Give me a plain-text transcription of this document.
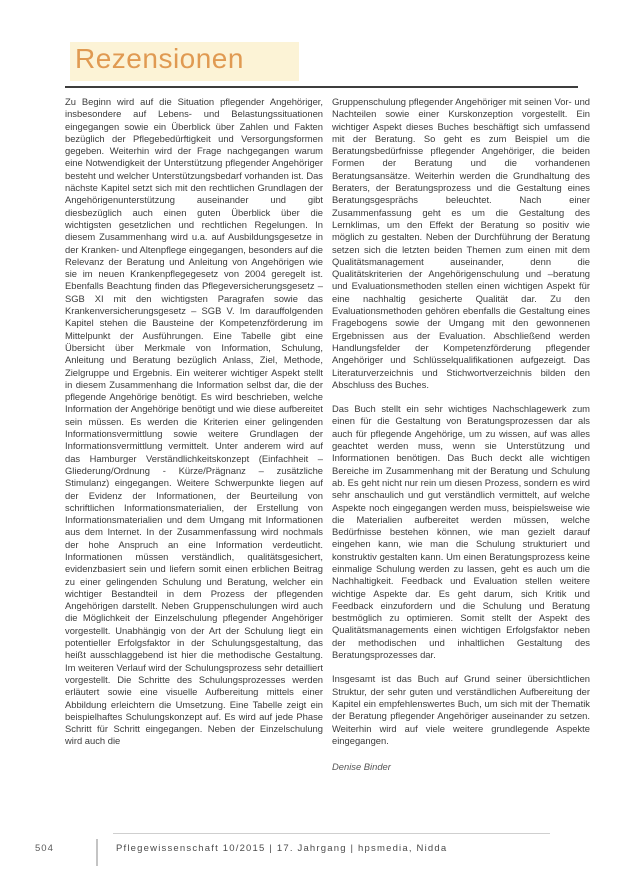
Rezensionen

Zu Beginn wird auf die Situation pflegender Angehöriger, insbesondere auf Lebens- und Belastungssituationen eingegangen sowie ein Überblick über Zahlen und Fakten bezüglich der Pflegebedürftigkeit und Versorgungsformen gegeben. Weiterhin wird der Frage nachgegangen warum eine Notwendigkeit der Unterstützung pflegender Angehöriger besteht und welcher Unterstützungsbedarf vorhanden ist. Das nächste Kapitel setzt sich mit den rechtlichen Grundlagen der Angehörigenunterstützung auseinander und gibt diesbezüglich auch einen guten Überblick über die wichtigsten gesetzlichen und rechtlichen Regelungen. In diesem Zusammenhang wird u.a. auf Ausbildungsgesetze in der Kranken- und Altenpflege eingegangen, besonders auf die Relevanz der Beratung und Anleitung von Angehörigen wie sie im neuen Krankenpflegegesetz von 2004 geregelt ist. Ebenfalls Beachtung finden das Pflegeversicherungsgesetz – SGB XI mit den wichtigsten Paragrafen sowie das Krankenversicherungsgesetz – SGB V. Im darauffolgenden Kapitel stehen die Bausteine der Kompetenzförderung im Mittelpunkt der Ausführungen. Eine Tabelle gibt eine Übersicht über Merkmale von Information, Schulung, Anleitung und Beratung bezüglich Anlass, Ziel, Methode, Zielgruppe und Ergebnis. Ein weiterer wichtiger Aspekt stellt in diesem Zusammenhang die Information selbst dar, die der pflegende Angehörige benötigt. Es wird beschrieben, welche Information der Angehörige benötigt und wie diese aufbereitet sein müssen. Es werden die Kriterien einer gelingenden Informationsvermittlung sowie weitere Grundlagen der Informationsvermittlung vermittelt. Unter anderem wird auf das Hamburger Verständlichkeitskonzept (Einfachheit – Gliederung/Ordnung - Kürze/Prägnanz – zusätzliche Stimulanz) eingegangen. Weitere Schwerpunkte liegen auf der Evidenz der Informationen, der Beurteilung von schriftlichen Informationsmaterialien, der Erstellung von Informationsmaterialien und dem Umgang mit Informationen aus dem Internet. In der Zusammenfassung wird nochmals der hohe Anspruch an eine Information verdeutlicht. Informationen müssen verständlich, qualitätsgesichert, evidenzbasiert sein und liefern somit einen erblichen Beitrag zu einer gelingenden Schulung und Beratung, welcher ein wichtiger Bestandteil in dem Prozess der pflegenden Angehörigen darstellt. Neben Gruppenschulungen wird auch die Möglichkeit der Einzelschulung pflegender Angehöriger vorgestellt. Unabhängig von der Art der Schulung liegt ein potentieller Erfolgsfaktor in der Schulungsgestaltung, das heißt ausschlaggebend ist hier die methodische Gestaltung. Im weiteren Verlauf wird der Schulungsprozess sehr detailliert vorgestellt. Die Schritte des Schulungsprozesses werden erläutert sowie eine visuelle Aufbereitung mittels einer Abbildung erleichtern die Umsetzung. Eine Tabelle zeigt ein beispielhaftes Schulungskonzept auf. Es wird auf jede Phase Schritt für Schritt eingegangen. Neben der Einzelschulung wird auch die

Gruppenschulung pflegender Angehöriger mit seinen Vor- und Nachteilen sowie einer Kurskonzeption vorgestellt. Ein wichtiger Aspekt dieses Buches beschäftigt sich umfassend mit der Beratung. So geht es zum Beispiel um die Beratungsbedürfnisse pflegender Angehöriger, die beiden Formen der Beratung und die vorhandenen Beratungsansätze. Weiterhin werden die Grundhaltung des Beraters, der Beratungsprozess und die Gestaltung eines Beratungsgesprächs beleuchtet. Nach einer Zusammenfassung geht es um die Gestaltung des Lernklimas, um den Effekt der Beratung so positiv wie möglich zu gestalten. Neben der Durchführung der Beratung setzen sich die letzten beiden Themen zum einen mit dem Qualitätsmanagement auseinander, denn die Qualitätskriterien der Angehörigenschulung und –beratung und Evaluationsmethoden stellen einen wichtigen Aspekt für eine nachhaltig gesicherte Qualität dar. Zu den Evaluationsmethoden gehören ebenfalls die Gestaltung eines Fragebogens sowie der Umgang mit den gewonnenen Ergebnissen aus der Evaluation. Abschließend werden Handlungsfelder der Kompetenzförderung pflegender Angehöriger und Schlüsselqualifikationen aufgezeigt. Das Literaturverzeichnis und Stichwortverzeichnis bilden den Abschluss des Buches.

Das Buch stellt ein sehr wichtiges Nachschlagewerk zum einen für die Gestaltung von Beratungsprozessen dar als auch für pflegende Angehörige, um zu wissen, auf was alles geachtet werden muss, wenn sie Unterstützung und Informationen benötigen. Das Buch deckt alle wichtigen Bereiche im Zusammenhang mit der Beratung und Schulung ab. Es geht nicht nur rein um diesen Prozess, sondern es wird sehr anschaulich und gut verständlich vermittelt, auf welche Aspekte noch eingegangen werden muss, beispielsweise wie die Materialien aufbereitet werden müssen, welche Bedürfnisse bestehen können, wie man gezielt darauf eingehen kann, wie man die Schulung strukturiert und konstruktiv gestalten kann. Um einen Beratungsprozess keine einmalige Schulung werden zu lassen, geht es auch um die Nachhaltigkeit. Feedback und Evaluation stellen weitere wichtige Aspekte dar. Es geht darum, sich Kritik und Feedback einzufordern und die Schulung und Beratung bestmöglich zu optimieren. Somit stellt der Aspekt des Qualitätsmanagements einen wichtigen Erfolgsfaktor neben der methodischen und inhaltlichen Gestaltung des Beratungsprozesses dar.

Insgesamt ist das Buch auf Grund seiner übersichtlichen Struktur, der sehr guten und verständlichen Aufbereitung der Kapitel ein empfehlenswertes Buch, um sich mit der Thematik der Beratung pflegender Angehöriger auseinander zu setzen. Weiterhin wird auf viele weitere grundlegende Aspekte eingegangen.

Denise Binder
504	Pflegewissenschaft 10/2015 | 17. Jahrgang | hpsmedia, Nidda
